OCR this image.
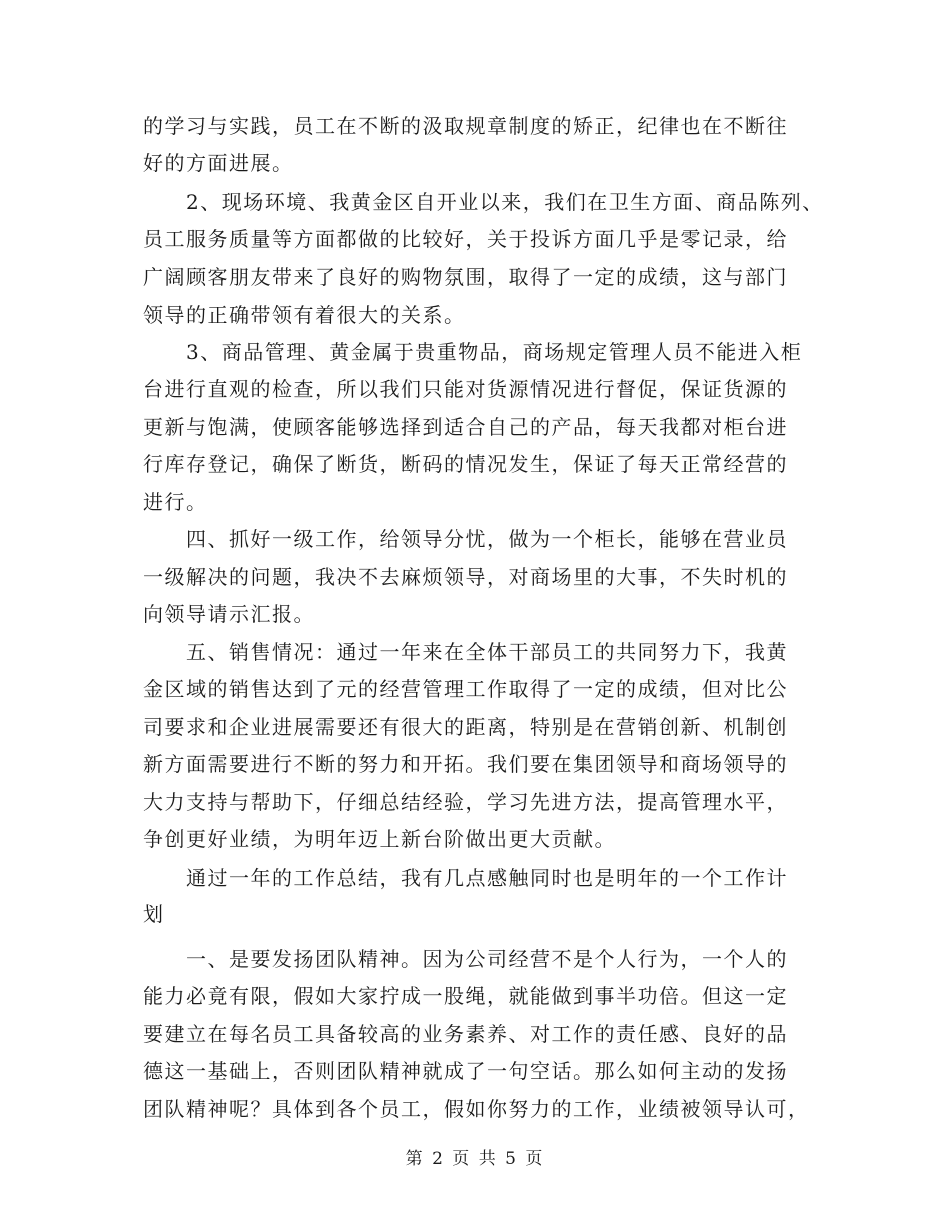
的学习与实践，员工在不断的汲取规章制度的矫正，纪律也在不断往
好的方面进展。
2、现场环境、我黄金区自开业以来，我们在卫生方面、商品陈列、
员工服务质量等方面都做的比较好，关于投诉方面几乎是零记录，给
广阔顾客朋友带来了良好的购物氛围，取得了一定的成绩，这与部门
领导的正确带领有着很大的关系。
3、商品管理、黄金属于贵重物品，商场规定管理人员不能进入柜
台进行直观的检查，所以我们只能对货源情况进行督促，保证货源的
更新与饱满，使顾客能够选择到适合自己的产品，每天我都对柜台进
行库存登记，确保了断货，断码的情况发生，保证了每天正常经营的
进行。
四、抓好一级工作，给领导分忧，做为一个柜长，能够在营业员
一级解决的问题，我决不去麻烦领导，对商场里的大事，不失时机的
向领导请示汇报。
五、销售情况：通过一年来在全体干部员工的共同努力下，我黄
金区域的销售达到了元的经营管理工作取得了一定的成绩，但对比公
司要求和企业进展需要还有很大的距离，特别是在营销创新、机制创
新方面需要进行不断的努力和开拓。我们要在集团领导和商场领导的
大力支持与帮助下，仔细总结经验，学习先进方法，提高管理水平，
争创更好业绩，为明年迈上新台阶做出更大贡献。
通过一年的工作总结，我有几点感触同时也是明年的一个工作计
划
一、是要发扬团队精神。因为公司经营不是个人行为，一个人的
能力必竟有限，假如大家拧成一股绳，就能做到事半功倍。但这一定
要建立在每名员工具备较高的业务素养、对工作的责任感、良好的品
德这一基础上，否则团队精神就成了一句空话。那么如何主动的发扬
团队精神呢？具体到各个员工，假如你努力的工作，业绩被领导认可，
第 2 页 共 5 页
